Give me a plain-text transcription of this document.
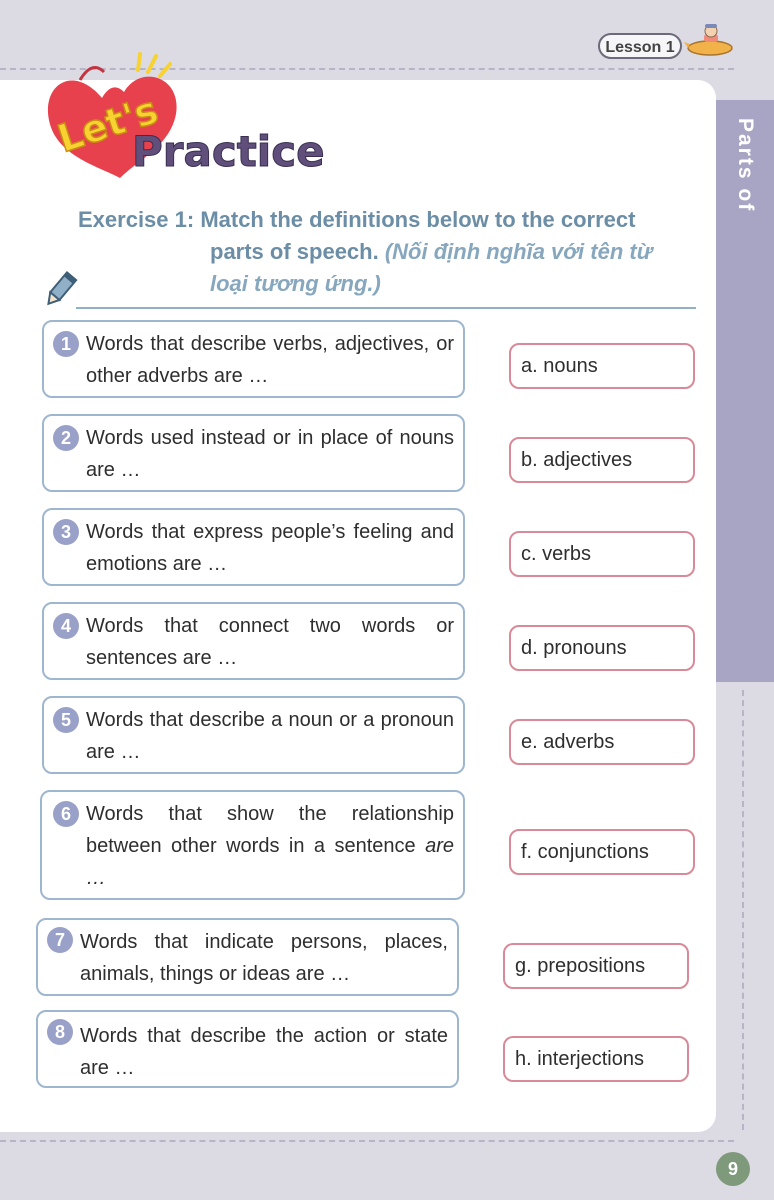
Lesson 1
Parts of Speech
Let's
Practice
Exercise 1: Match the definitions below to the correct
parts of speech. (Nối định nghĩa với tên từ
loại tương ứng.)
1 Words that describe verbs, adjectives, or other adverbs are …
2 Words used instead or in place of nouns are …
3 Words that express people’s feeling and emotions are …
4 Words that connect two words or sentences are …
5 Words that describe a noun or a pronoun are …
6 Words that show the relationship between other words in a sentence are …
7 Words that indicate persons, places, animals, things or ideas are …
8 Words that describe the action or state are …
a. nouns
b. adjectives
c. verbs
d. pronouns
e. adverbs
f. conjunctions
g. prepositions
h. interjections
9
